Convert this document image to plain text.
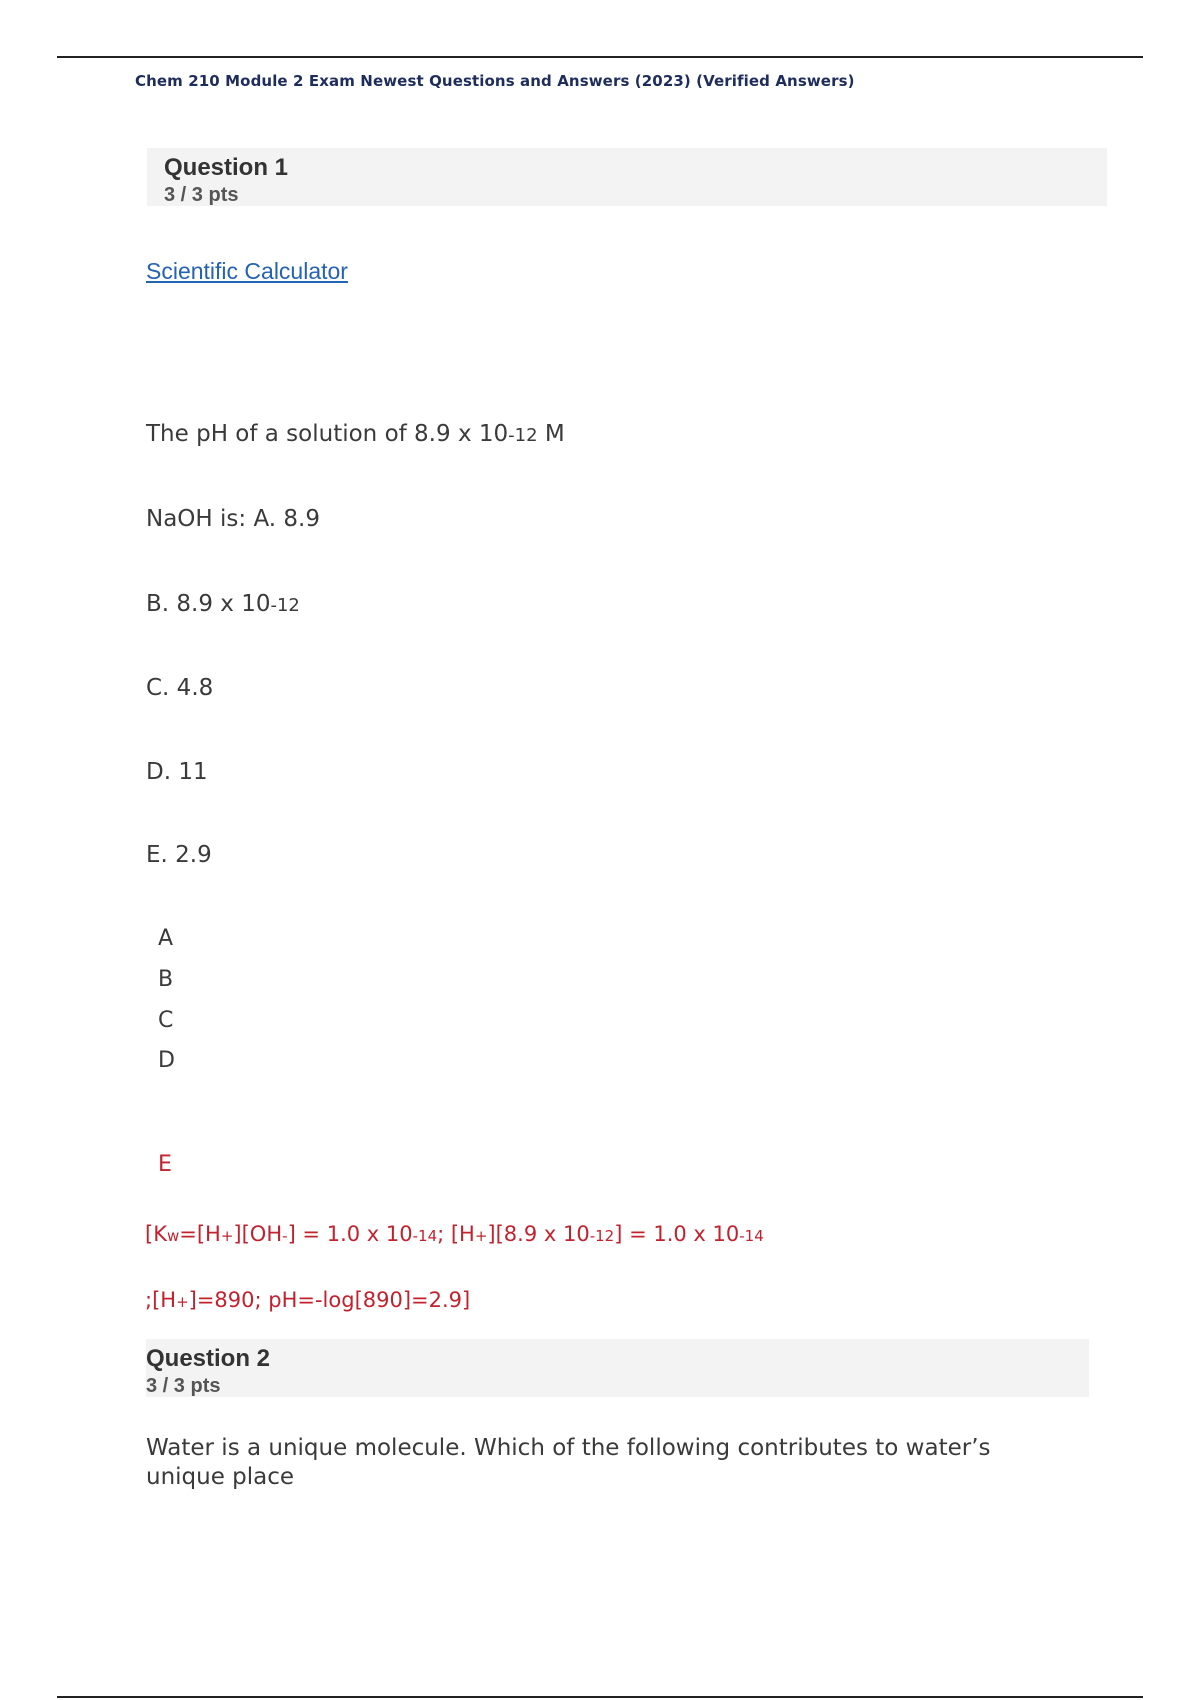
Chem 210 Module 2 Exam Newest Questions and Answers (2023) (Verified Answers)
Question 1
3 / 3 pts
Scientific Calculator
The pH of a solution of 8.9 x 10-12 M
NaOH is: A. 8.9
B. 8.9 x 10-12
C. 4.8
D. 11
E. 2.9
A
B
C
D
E
[Kw=[H+][OH-] = 1.0 x 10-14; [H+][8.9 x 10-12] = 1.0 x 10-14
;[H+]=890; pH=-log[890]=2.9]
Question 2
3 / 3 pts
Water is a unique molecule. Which of the following contributes to water’s unique place
